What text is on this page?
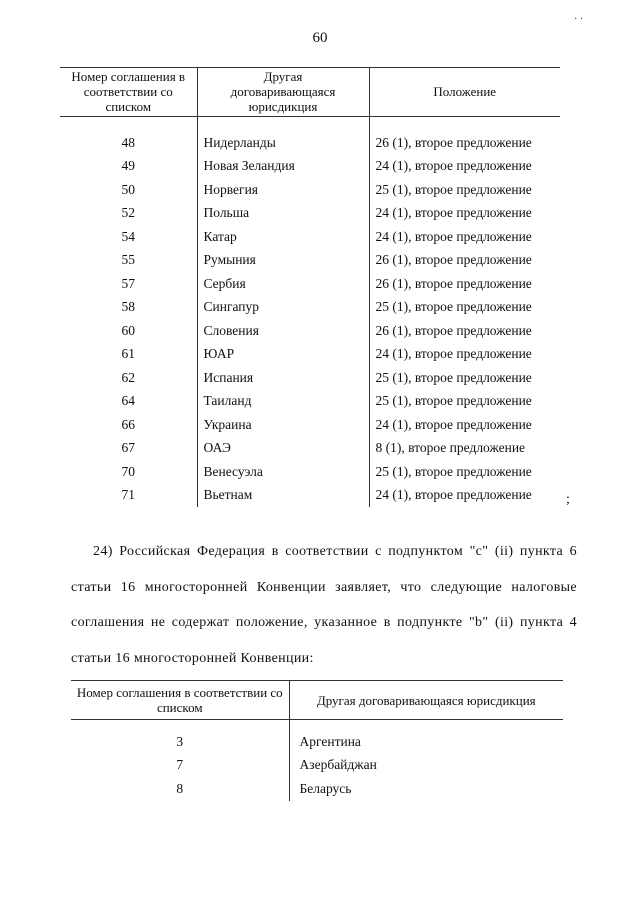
· ·
60
Номер соглашения в соответствии со списком	Другая договаривающаяся юрисдикция	Положение

48	Нидерланды	26 (1), второе предложение
49	Новая Зеландия	24 (1), второе предложение
50	Норвегия	25 (1), второе предложение
52	Польша	24 (1), второе предложение
54	Катар	24 (1), второе предложение
55	Румыния	26 (1), второе предложение
57	Сербия	26 (1), второе предложение
58	Сингапур	25 (1), второе предложение
60	Словения	26 (1), второе предложение
61	ЮАР	24 (1), второе предложение
62	Испания	25 (1), второе предложение
64	Таиланд	25 (1), второе предложение
66	Украина	24 (1), второе предложение
67	ОАЭ	8 (1), второе предложение
70	Венесуэла	25 (1), второе предложение
71	Вьетнам	24 (1), второе предложение ;
24) Российская Федерация в соответствии с подпунктом "с" (ii) пункта 6 статьи 16 многосторонней Конвенции заявляет, что следующие налоговые соглашения не содержат положение, указанное в подпункте "b" (ii) пункта 4 статьи 16 многосторонней Конвенции:
Номер соглашения в соответствии со списком	Другая договаривающаяся юрисдикция

3	Аргентина
7	Азербайджан
8	Беларусь
